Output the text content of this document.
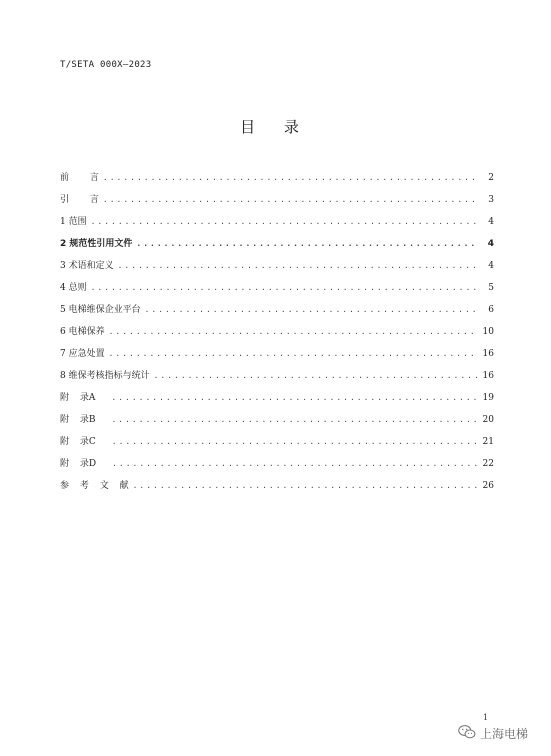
T/SETA 000X—2023
目 录
前 言 .....	2
引 言 .....	3
1 范围 .....	4
2 规范性引用文件 .....	4
3 术语和定义 .....	4
4 总则 .....	5
5 电梯维保企业平台 .....	6
6 电梯保养 .....	10
7 应急处置 .....	16
8 维保考核指标与统计 .....	16
附 录A .....	19
附 录B .....	20
附 录C .....	21
附 录D .....	22
参 考 文 献 .....	26
1
上海电梯
